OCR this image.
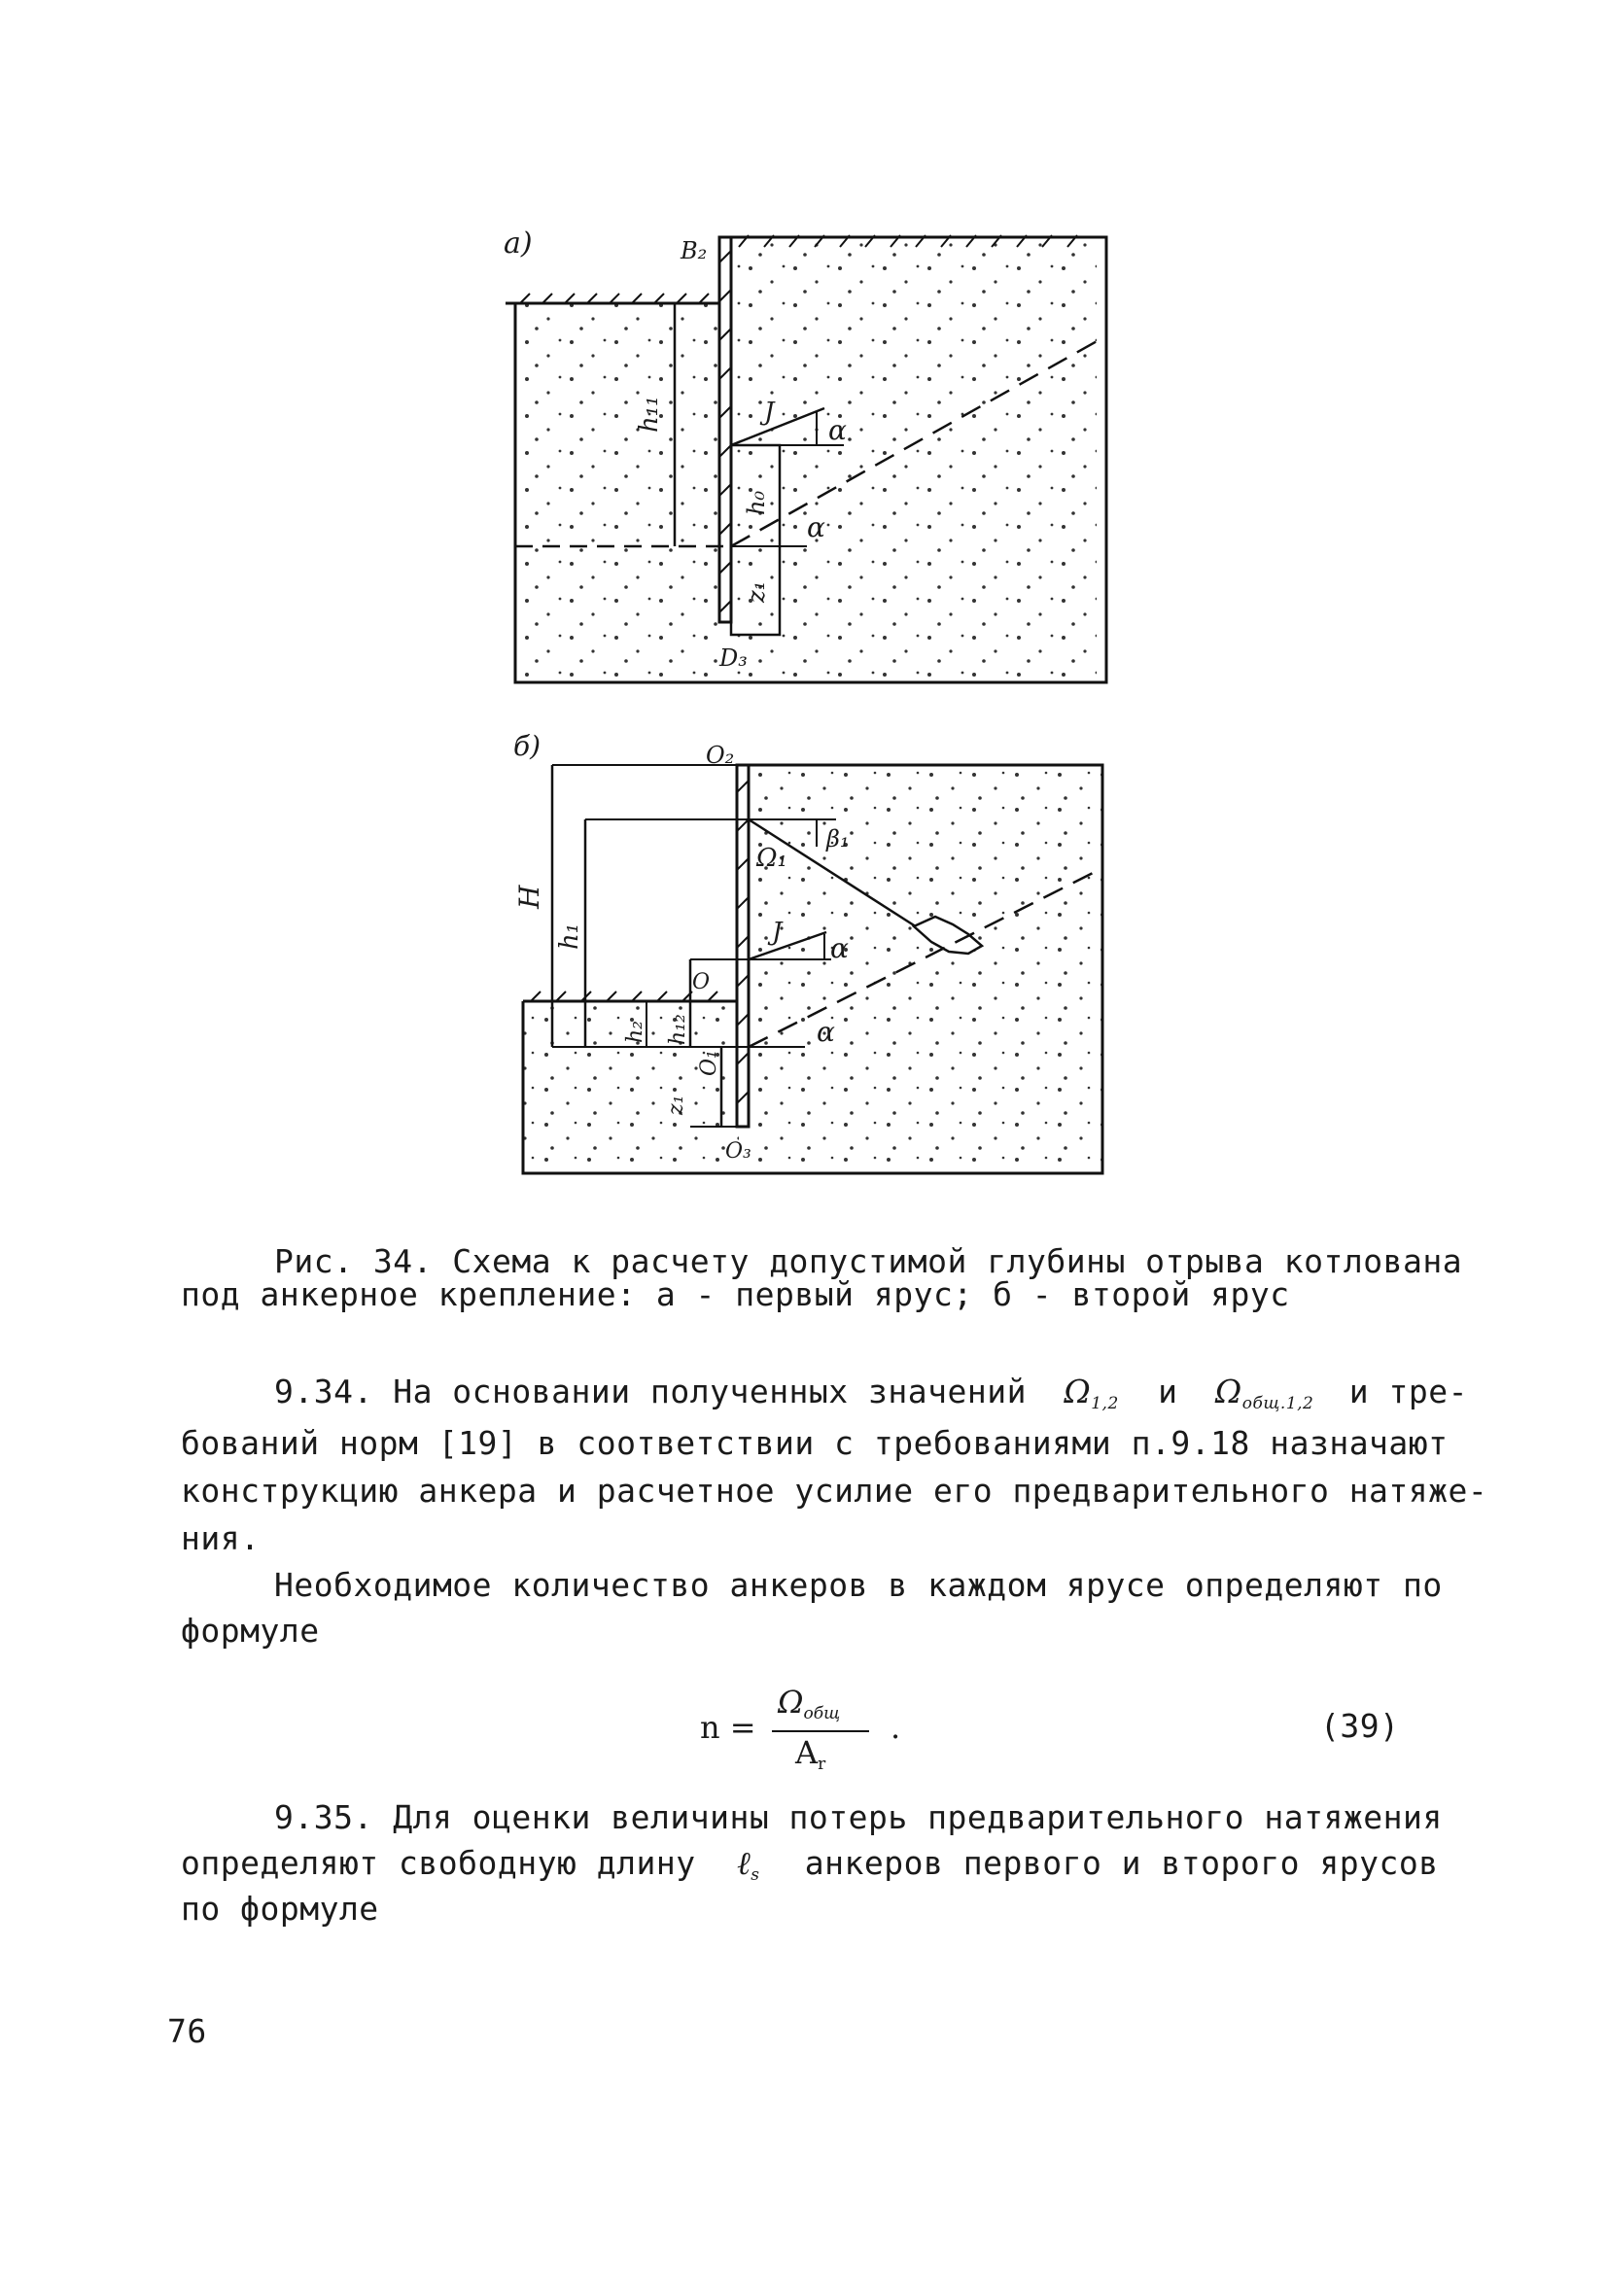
а)	B₂
h₁₁	J
α
h₀
α
z₁
D₃
б)	O₂
H
h₁
Ω₁
β₁
J α
O
h₂ h₁₂	α
O₁
z₁
O₃
Рис. 34. Схема к расчету допустимой глубины отрыва котлована
под анкерное крепление: а - первый ярус; б - второй ярус
9.34. На основании полученных значений $\Omega_{1,2}$ и $\Omega_{общ.1,2}$ и тре-
бований норм [19] в соответствии с требованиями п.9.18 назначают
конструкцию анкера и расчетное усилие его предварительного натяже-
ния.
Необходимое количество анкеров в каждом ярусе определяют по
формуле
n =
$\Omega_{общ}$
$A_r$
.	(39)
9.35. Для оценки величины потерь предварительного натяжения
определяют свободную длину ℓ$_s$ анкеров первого и второго ярусов
по формуле
76
